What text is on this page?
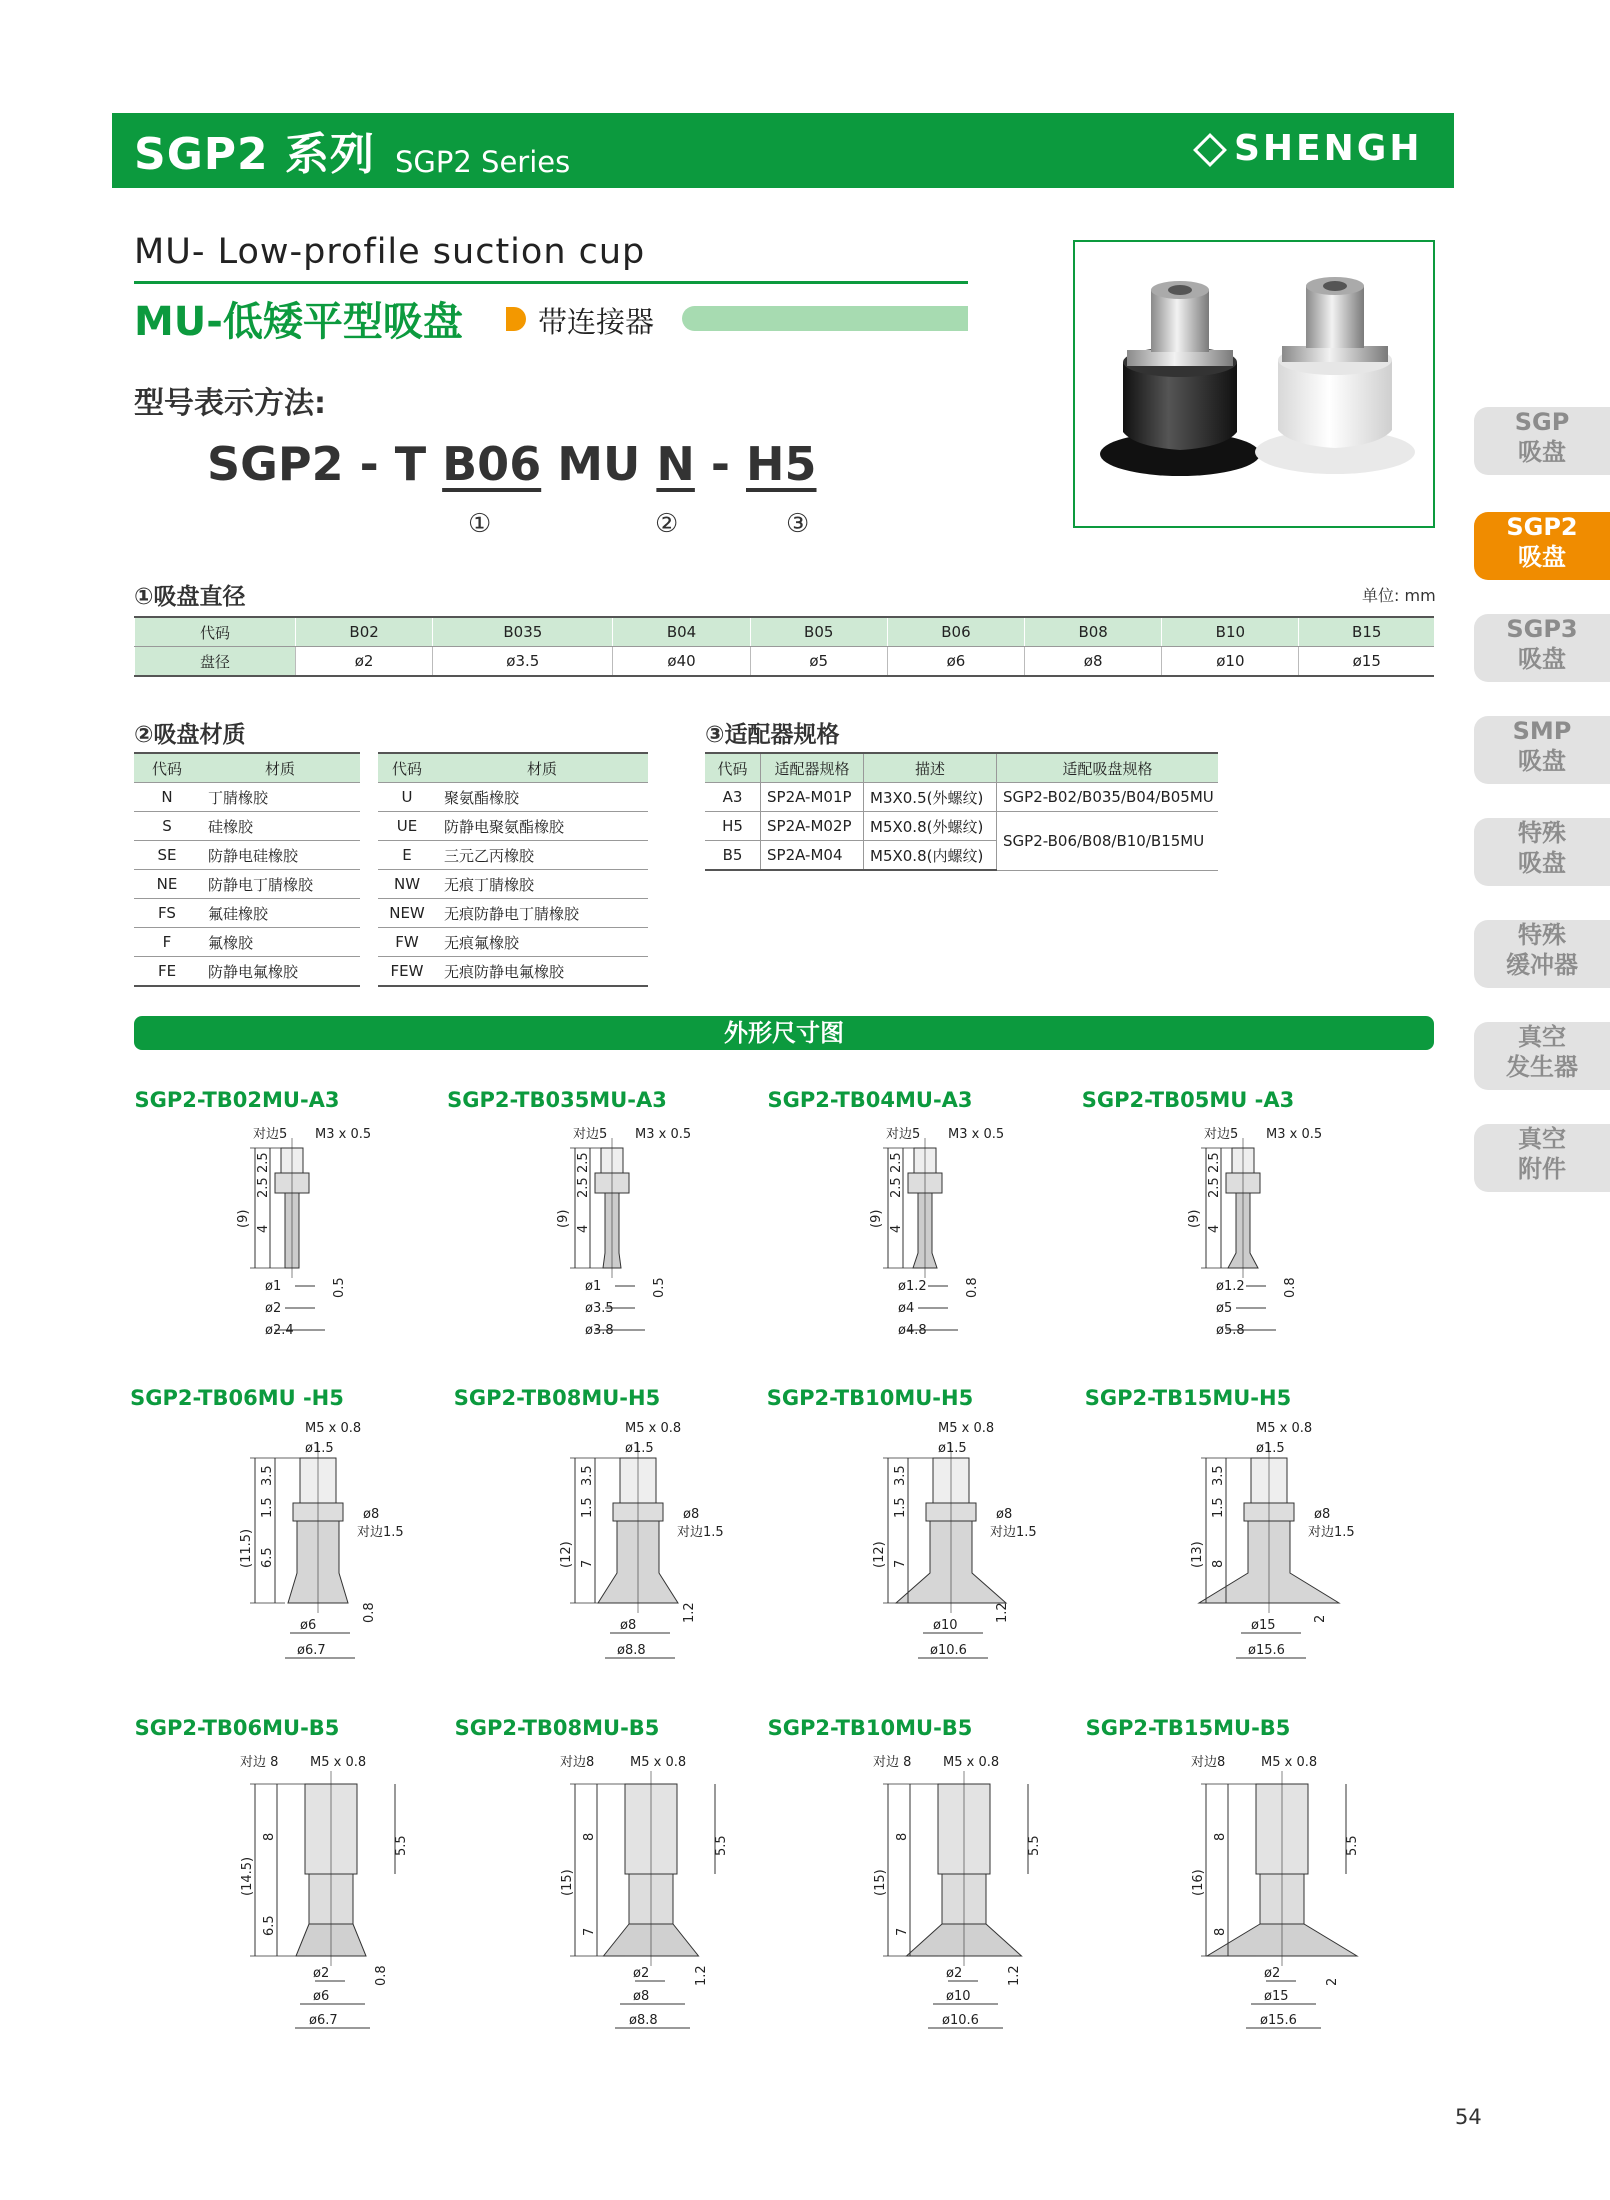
SGP2 系列 SGP2 Series	SHENGH
MU- Low-profile suction cup
MU-低矮平型吸盘	带连接器
型号表示方法:
SGP2 - T B06 MU N - H5
①	②	③
SGP
吸盘
SGP2
吸盘
SGP3
吸盘
SMP
吸盘
特殊
吸盘
特殊
缓冲器
真空
发生器
真空
附件
①吸盘直径	单位: mm
代码	B02	B035	B04	B05	B06	B08	B10	B15
盘径	ø2	ø3.5	ø40	ø5	ø6	ø8	ø10	ø15
②吸盘材质
代码	材质	代码	材质
N	丁腈橡胶	U	聚氨酯橡胶
S	硅橡胶	UE	防静电聚氨酯橡胶
SE	防静电硅橡胶	E	三元乙丙橡胶
NE	防静电丁腈橡胶	NW	无痕丁腈橡胶
FS	氟硅橡胶	NEW	无痕防静电丁腈橡胶
F	氟橡胶	FW	无痕氟橡胶
FE	防静电氟橡胶	FEW	无痕防静电氟橡胶
③适配器规格
代码	适配器规格	描述	适配吸盘规格
A3	SP2A-M01P	M3X0.5(外螺纹)	SGP2-B02/B035/B04/B05MU
H5	SP2A-M02P	M5X0.8(外螺纹)	SGP2-B06/B08/B10/B15MU
B5	SP2A-M04	M5X0.8(内螺纹)	
外形尺寸图
SGP2-TB02MU-A3
(9)
2.5
2.5
4
对边5 M3 x 0.5
ø1
ø2
ø2.4
0.5
SGP2-TB035MU-A3
(9)
2.5
2.5
4
对边5 M3 x 0.5
ø1
ø3.5
ø3.8
0.5
SGP2-TB04MU-A3
(9)
2.5
2.5
4
对边5 M3 x 0.5
ø1.2
ø4
ø4.8
0.8
SGP2-TB05MU -A3
(9)
2.5
2.5
4
对边5 M3 x 0.5
ø1.2
ø5
ø5.8
0.8
SGP2-TB06MU -H5
(11.5)
3.5
1.5
6.5
M5 x 0.8
ø1.5
ø8
对边1.5
ø6
ø6.7
0.8
SGP2-TB08MU-H5
(12)
3.5
1.5
7
M5 x 0.8
ø1.5
ø8
对边1.5
ø8
ø8.8
1.2
SGP2-TB10MU-H5
(12)
3.5
1.5
7
M5 x 0.8
ø1.5
ø8
对边1.5
ø10
ø10.6
1.2
SGP2-TB15MU-H5
(13)
3.5
1.5
8
M5 x 0.8
ø1.5
ø8
对边1.5
ø15
ø15.6
2
SGP2-TB06MU-B5
(14.5)
8
6.5
5.5
对边 8 M5 x 0.8
ø2
ø6
ø6.7
0.8
SGP2-TB08MU-B5
(15)
8
7
5.5
对边8	M5 x 0.8
ø2
ø8
ø8.8
1.2
SGP2-TB10MU-B5
(15)
8
7
5.5
对边 8 M5 x 0.8
ø2
ø10
ø10.6
1.2
SGP2-TB15MU-B5
(16)
8
8
5.5
对边8	M5 x 0.8
ø2
ø15
ø15.6
2
54
